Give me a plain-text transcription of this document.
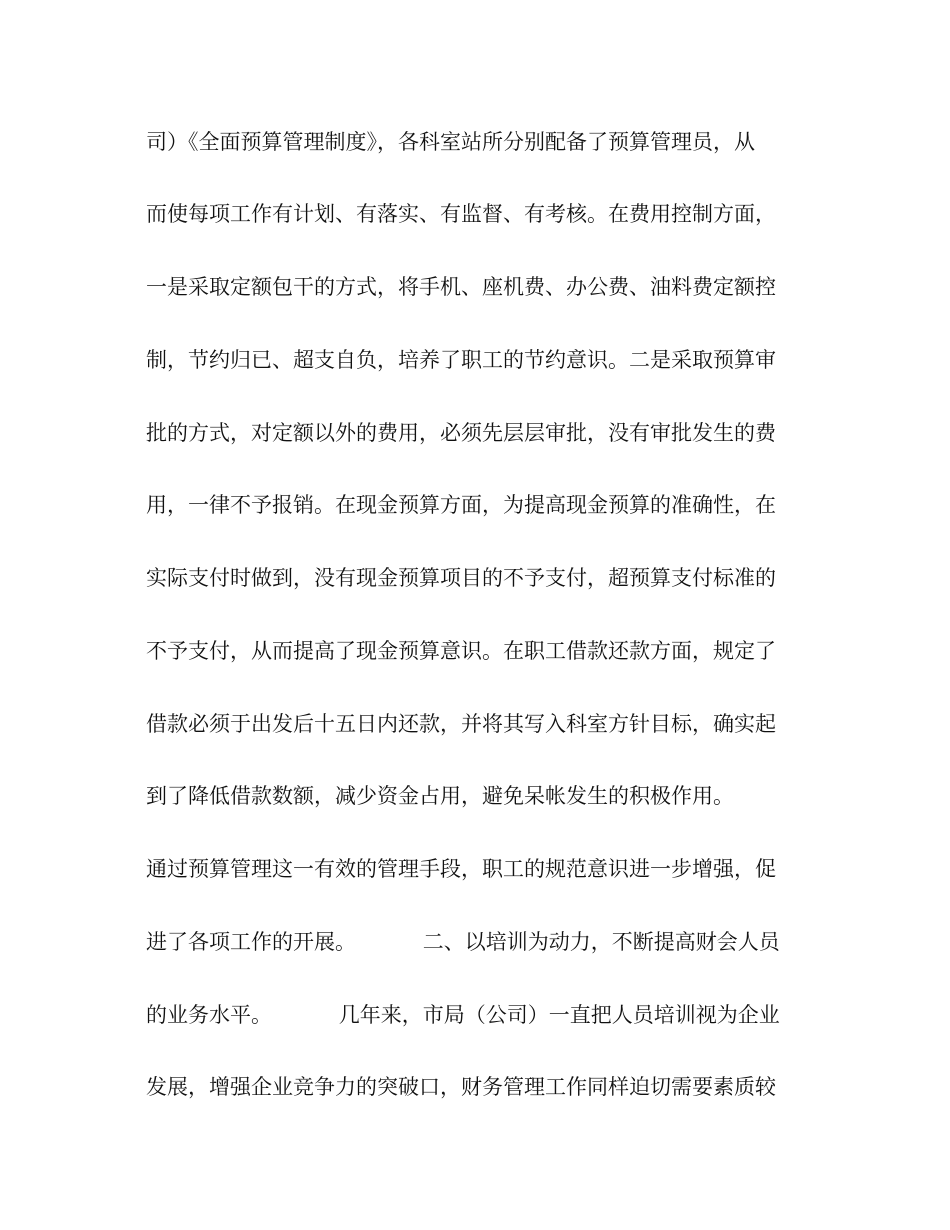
司）《全面预算管理制度》，各科室站所分别配备了预算管理员，从
而使每项工作有计划、有落实、有监督、有考核。在费用控制方面，
一是采取定额包干的方式，将手机、座机费、办公费、油料费定额控
制，节约归已、超支自负，培养了职工的节约意识。二是采取预算审
批的方式，对定额以外的费用，必须先层层审批，没有审批发生的费
用，一律不予报销。在现金预算方面，为提高现金预算的准确性，在
实际支付时做到，没有现金预算项目的不予支付，超预算支付标准的
不予支付，从而提高了现金预算意识。在职工借款还款方面，规定了
借款必须于出发后十五日内还款，并将其写入科室方针目标，确实起
到了降低借款数额，减少资金占用，避免呆帐发生的积极作用。
通过预算管理这一有效的管理手段，职工的规范意识进一步增强，促
进了各项工作的开展。          二、以培训为动力，不断提高财会人员
的业务水平。          几年来，市局（公司）一直把人员培训视为企业
发展，增强企业竞争力的突破口，财务管理工作同样迫切需要素质较
